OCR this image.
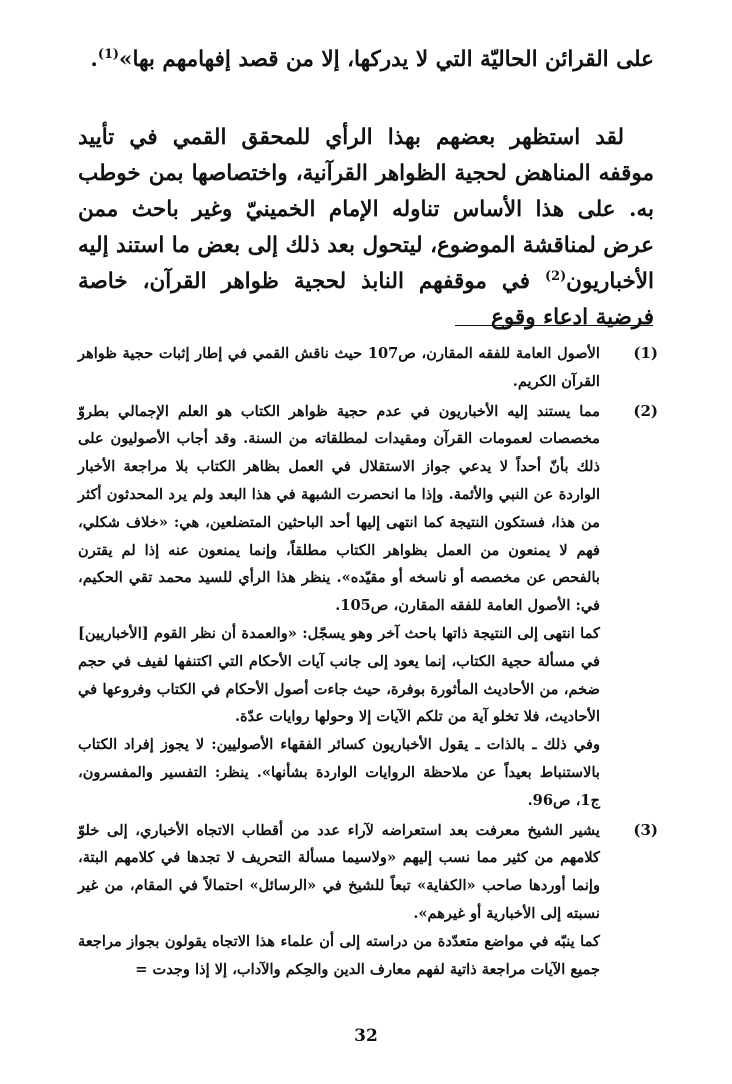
على القرائن الحاليّة التي لا يدركها، إلا من قصد إفهامهم بها»$^{(1)}$.

لقد استظهر بعضهم بهذا الرأي للمحقق القمي في تأييد موقفه المناهض لحجية الظواهر القرآنية، واختصاصها بمن خوطب به. على هذا الأساس تناوله الإمام الخمينيّ وغير باحث ممن عرض لمناقشة الموضوع، ليتحول بعد ذلك إلى بعض ما استند إليه الأخباريون$^{(2)}$ في موقفهم النابذ لحجية ظواهر القرآن، خاصة فرضية ادعاء وقوع

(1)

الأصول العامة للفقه المقارن، ص107 حيث ناقش القمي في إطار إثبات حجية ظواهر القرآن الكريم.

(2)

مما يستند إليه الأخباريون في عدم حجية ظواهر الكتاب هو العلم الإجمالي بطروّ مخصصات لعمومات القرآن ومقيدات لمطلقاته من السنة. وقد أجاب الأصوليون على ذلك بأنّ أحداً لا يدعي جواز الاستقلال في العمل بظاهر الكتاب بلا مراجعة الأخبار الواردة عن النبي والأئمة. وإذا ما انحصرت الشبهة في هذا البعد ولم يرد المحدثون أكثر من هذا، فستكون النتيجة كما انتهى إليها أحد الباحثين المتضلعين، هي: «خلاف شكلي، فهم لا يمنعون من العمل بظواهر الكتاب مطلقاً، وإنما يمنعون عنه إذا لم يقترن بالفحص عن مخصصه أو ناسخه أو مقيّده». ينظر هذا الرأي للسيد محمد تقي الحكيم، في: الأصول العامة للفقه المقارن، ص105.

كما انتهى إلى النتيجة ذاتها باحث آخر وهو يسجّل: «والعمدة أن نظر القوم [الأخباريين] في مسألة حجية الكتاب، إنما يعود إلى جانب آيات الأحكام التي اكتنفها لفيف في حجم ضخم، من الأحاديث المأثورة بوفرة، حيث جاءت أصول الأحكام في الكتاب وفروعها في الأحاديث، فلا تخلو آية من تلكم الآيات إلا وحولها روايات عدّة.

وفي ذلك ـ بالذات ـ يقول الأخباريون كسائر الفقهاء الأصوليين: لا يجوز إفراد الكتاب بالاستنباط بعيداً عن ملاحظة الروايات الواردة بشأنها». ينظر: التفسير والمفسرون، ج1، ص96.

(3)

يشير الشيخ معرفت بعد استعراضه لآراء عدد من أقطاب الاتجاه الأخباري، إلى خلوّ كلامهم من كثير مما نسب إليهم «ولاسيما مسألة التحريف لا تجدها في كلامهم البتة، وإنما أوردها صاحب «الكفاية» تبعاً للشيخ في «الرسائل» احتمالاً في المقام، من غير نسبته إلى الأخبارية أو غيرهم».

كما ينبّه في مواضع متعدّدة من دراسته إلى أن علماء هذا الاتجاه يقولون بجواز مراجعة جميع الآيات مراجعة ذاتية لفهم معارف الدين والحِكم والآداب، إلا إذا وجدت =

32
